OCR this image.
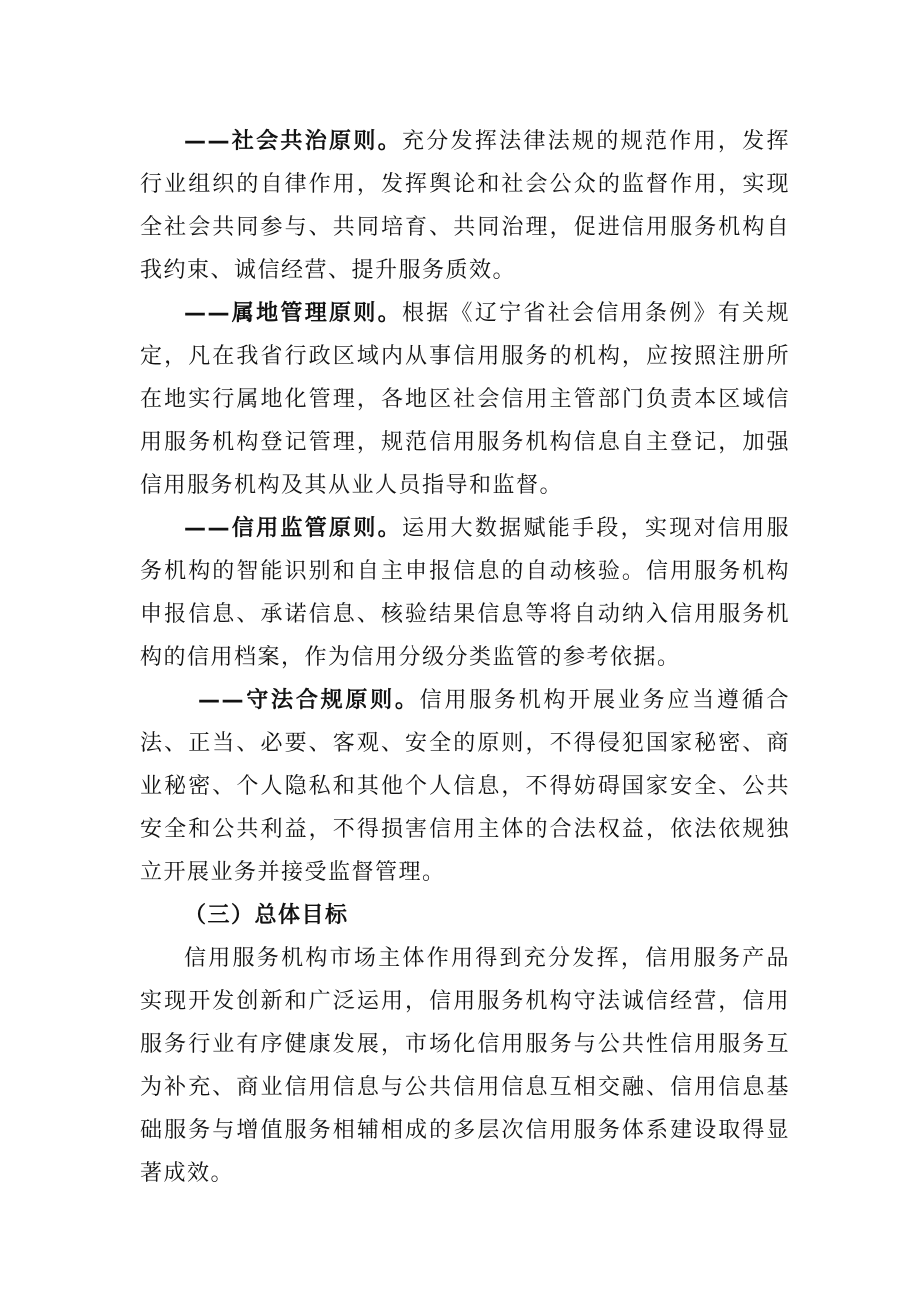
——社会共治原则。充分发挥法律法规的规范作用，发挥行业组织的自律作用，发挥舆论和社会公众的监督作用，实现全社会共同参与、共同培育、共同治理，促进信用服务机构自我约束、诚信经营、提升服务质效。

——属地管理原则。根据《辽宁省社会信用条例》有关规定，凡在我省行政区域内从事信用服务的机构，应按照注册所在地实行属地化管理，各地区社会信用主管部门负责本区域信用服务机构登记管理，规范信用服务机构信息自主登记，加强信用服务机构及其从业人员指导和监督。

——信用监管原则。运用大数据赋能手段，实现对信用服务机构的智能识别和自主申报信息的自动核验。信用服务机构申报信息、承诺信息、核验结果信息等将自动纳入信用服务机构的信用档案，作为信用分级分类监管的参考依据。

——守法合规原则。信用服务机构开展业务应当遵循合法、正当、必要、客观、安全的原则，不得侵犯国家秘密、商业秘密、个人隐私和其他个人信息，不得妨碍国家安全、公共安全和公共利益，不得损害信用主体的合法权益，依法依规独立开展业务并接受监督管理。

（三）总体目标

信用服务机构市场主体作用得到充分发挥，信用服务产品实现开发创新和广泛运用，信用服务机构守法诚信经营，信用服务行业有序健康发展，市场化信用服务与公共性信用服务互为补充、商业信用信息与公共信用信息互相交融、信用信息基础服务与增值服务相辅相成的多层次信用服务体系建设取得显著成效。
